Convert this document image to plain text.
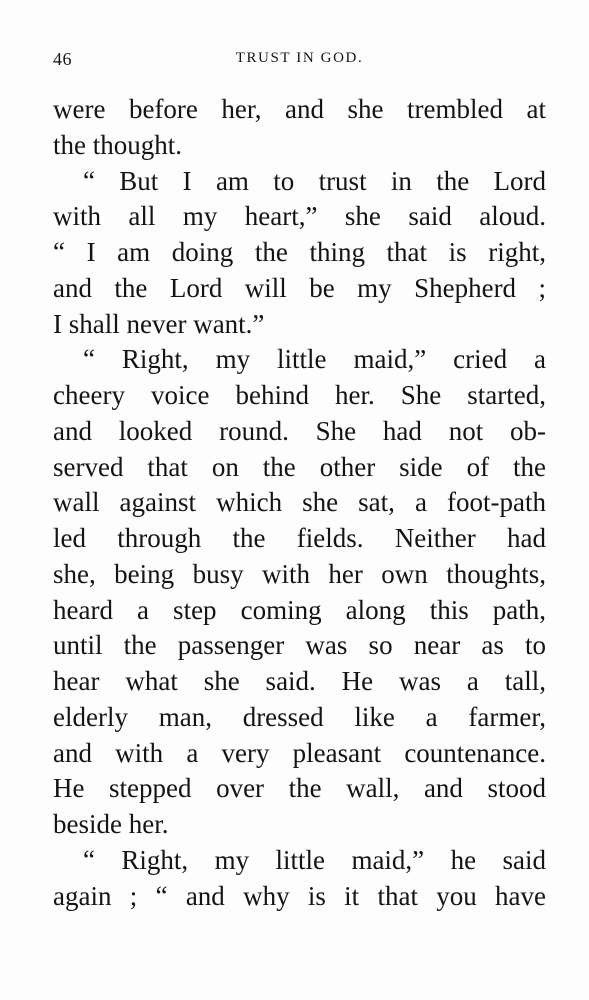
46	TRUST IN GOD.
were before her, and she trembled at
the thought.
“ But I am to trust in the Lord
with all my heart,” she said aloud.
“ I am doing the thing that is right,
and the Lord will be my Shepherd ;
I shall never want.”
“ Right, my little maid,” cried a
cheery voice behind her. She started,
and looked round. She had not ob-
served that on the other side of the
wall against which she sat, a foot-path
led through the fields. Neither had
she, being busy with her own thoughts,
heard a step coming along this path,
until the passenger was so near as to
hear what she said. He was a tall,
elderly man, dressed like a farmer,
and with a very pleasant countenance.
He stepped over the wall, and stood
beside her.
“ Right, my little maid,” he said
again ; “ and why is it that you have
